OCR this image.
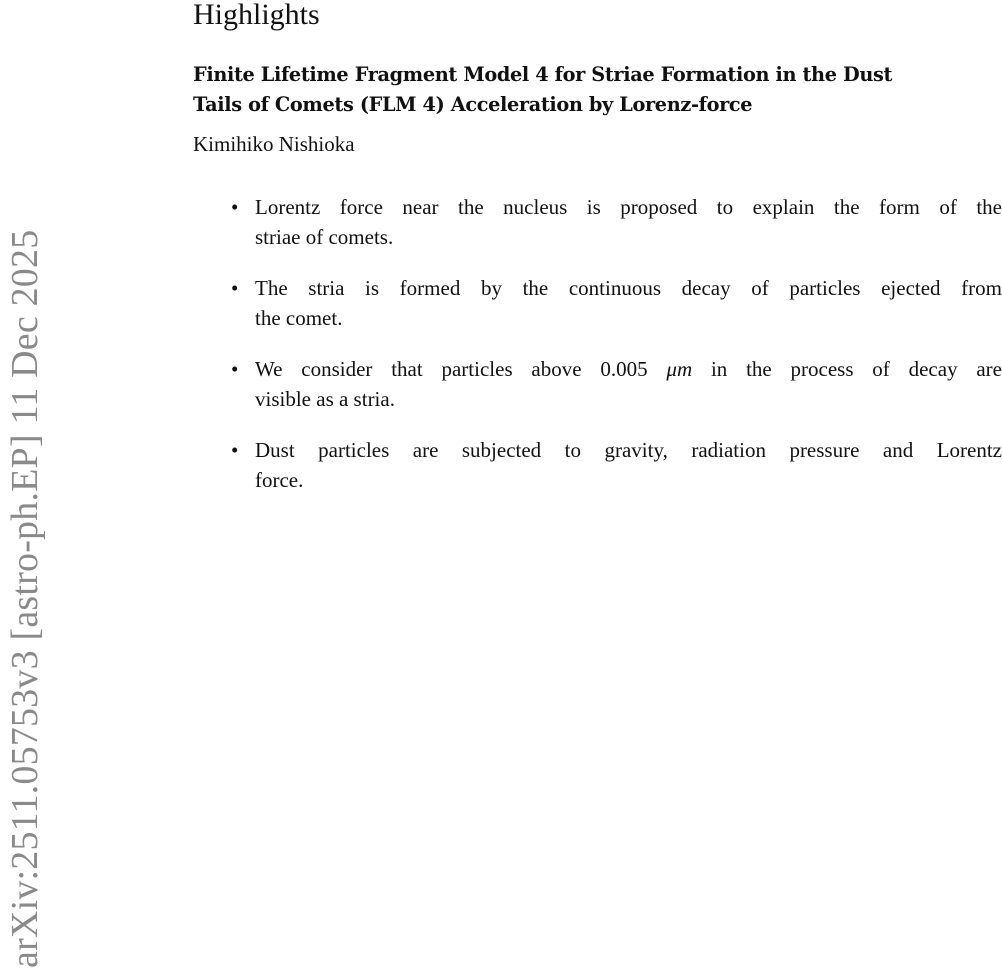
arXiv:2511.05753v3 [astro-ph.EP] 11 Dec 2025
Highlights
Finite Lifetime Fragment Model 4 for Striae Formation in the Dust
Tails of Comets (FLM 4) Acceleration by Lorenz-force
Kimihiko Nishioka
• Lorentz force near the nucleus is proposed to explain the form of the
striae of comets.
• The stria is formed by the continuous decay of particles ejected from
the comet.
• We consider that particles above 0.005 μm in the process of decay are
visible as a stria.
• Dust particles are subjected to gravity, radiation pressure and Lorentz
force.
